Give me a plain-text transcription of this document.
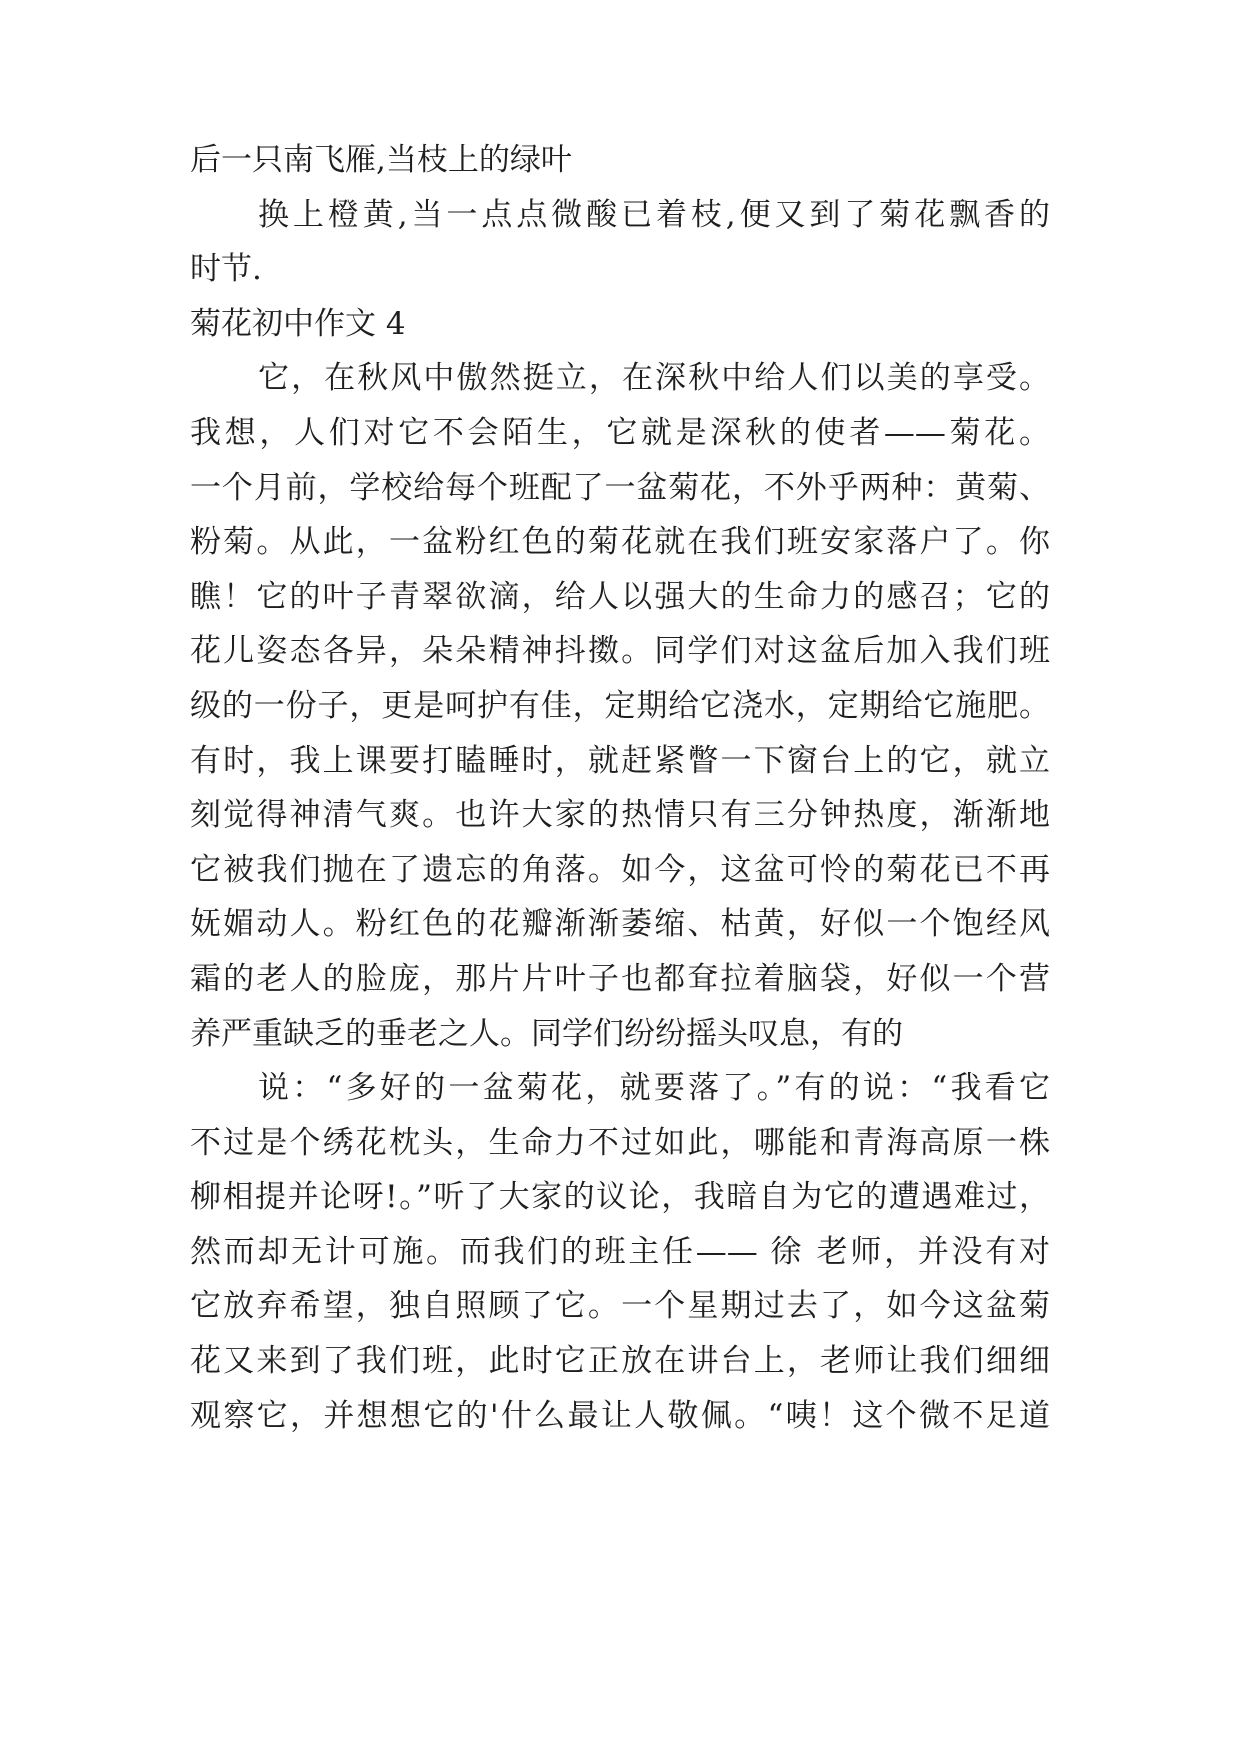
后一只南飞雁,当枝上的绿叶
换上橙黄,当一点点微酸已着枝,便又到了菊花飘香的
时节.
菊花初中作文 4
它，在秋风中傲然挺立，在深秋中给人们以美的享受。
我想，人们对它不会陌生，它就是深秋的使者——菊花。
一个月前，学校给每个班配了一盆菊花，不外乎两种：黄菊、
粉菊。从此，一盆粉红色的菊花就在我们班安家落户了。你
瞧！它的叶子青翠欲滴，给人以强大的生命力的感召；它的
花儿姿态各异，朵朵精神抖擞。同学们对这盆后加入我们班
级的一份子，更是呵护有佳，定期给它浇水，定期给它施肥。
有时，我上课要打瞌睡时，就赶紧瞥一下窗台上的它，就立
刻觉得神清气爽。也许大家的热情只有三分钟热度，渐渐地
它被我们抛在了遗忘的角落。如今，这盆可怜的菊花已不再
妩媚动人。粉红色的花瓣渐渐萎缩、枯黄，好似一个饱经风
霜的老人的脸庞，那片片叶子也都耷拉着脑袋，好似一个营
养严重缺乏的垂老之人。同学们纷纷摇头叹息，有的
说：“多好的一盆菊花，就要落了。”有的说：“我看它
不过是个绣花枕头，生命力不过如此，哪能和青海高原一株
柳相提并论呀!。”听了大家的议论，我暗自为它的遭遇难过，
然而却无计可施。而我们的班主任—— 徐 老师，并没有对
它放弃希望，独自照顾了它。一个星期过去了，如今这盆菊
花又来到了我们班，此时它正放在讲台上，老师让我们细细
观察它，并想想它的'什么最让人敬佩。“咦！这个微不足道
